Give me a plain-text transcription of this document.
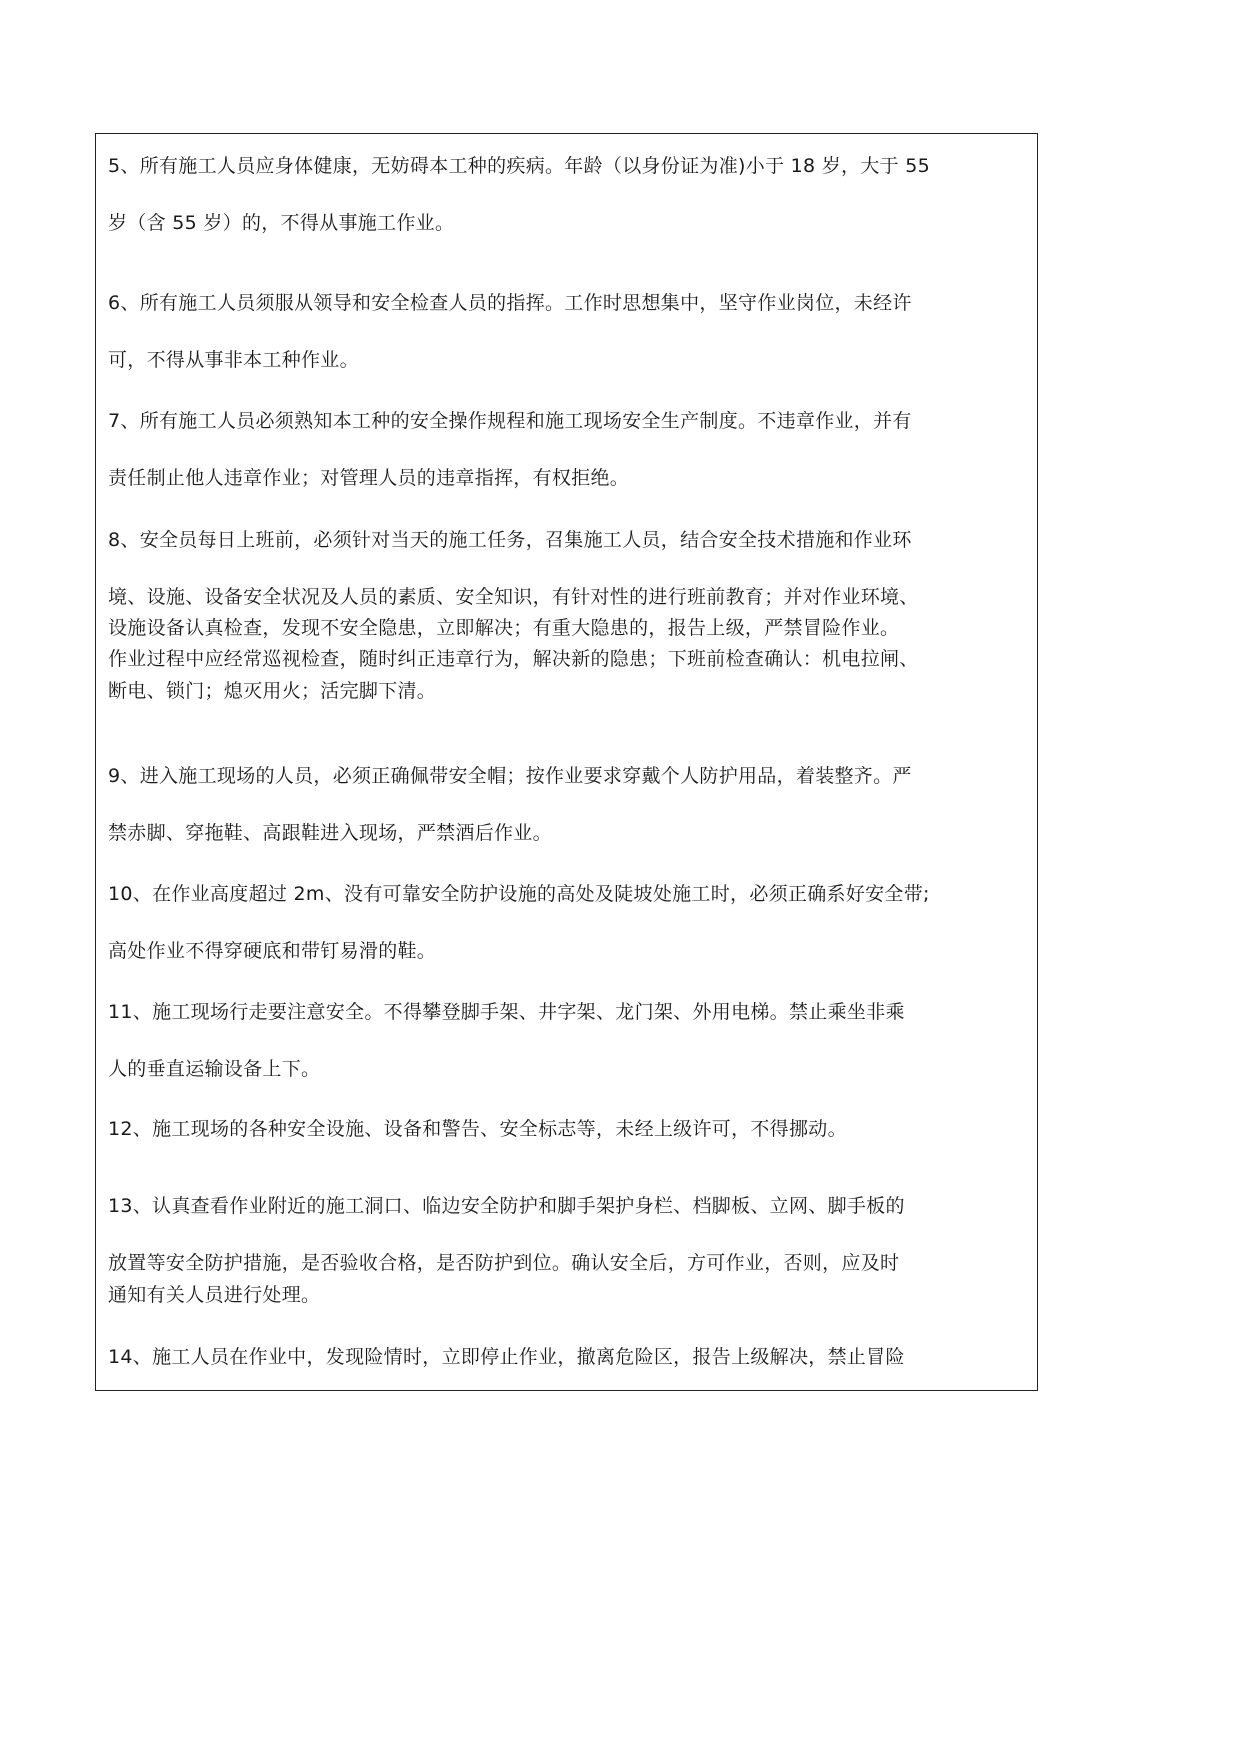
5、所有施工人员应身体健康，无妨碍本工种的疾病。年龄（以身份证为准)小于 18 岁，大于 55
岁（含 55 岁）的，不得从事施工作业。
6、所有施工人员须服从领导和安全检查人员的指挥。工作时思想集中，坚守作业岗位，未经许
可，不得从事非本工种作业。
7、所有施工人员必须熟知本工种的安全操作规程和施工现场安全生产制度。不违章作业，并有
责任制止他人违章作业；对管理人员的违章指挥，有权拒绝。
8、安全员每日上班前，必须针对当天的施工任务，召集施工人员，结合安全技术措施和作业环
境、设施、设备安全状况及人员的素质、安全知识，有针对性的进行班前教育；并对作业环境、
设施设备认真检查，发现不安全隐患，立即解决；有重大隐患的，报告上级，严禁冒险作业。
作业过程中应经常巡视检查，随时纠正违章行为，解决新的隐患；下班前检查确认：机电拉闸、
断电、锁门；熄灭用火；活完脚下清。
9、进入施工现场的人员，必须正确佩带安全帽；按作业要求穿戴个人防护用品，着装整齐。严
禁赤脚、穿拖鞋、高跟鞋进入现场，严禁酒后作业。
10、在作业高度超过 2m、没有可靠安全防护设施的高处及陡坡处施工时，必须正确系好安全带;
高处作业不得穿硬底和带钉易滑的鞋。
11、施工现场行走要注意安全。不得攀登脚手架、井字架、龙门架、外用电梯。禁止乘坐非乘
人的垂直运输设备上下。
12、施工现场的各种安全设施、设备和警告、安全标志等，未经上级许可，不得挪动。
13、认真查看作业附近的施工洞口、临边安全防护和脚手架护身栏、档脚板、立网、脚手板的
放置等安全防护措施，是否验收合格，是否防护到位。确认安全后，方可作业，否则，应及时
通知有关人员进行处理。
14、施工人员在作业中，发现险情时，立即停止作业，撤离危险区，报告上级解决，禁止冒险
